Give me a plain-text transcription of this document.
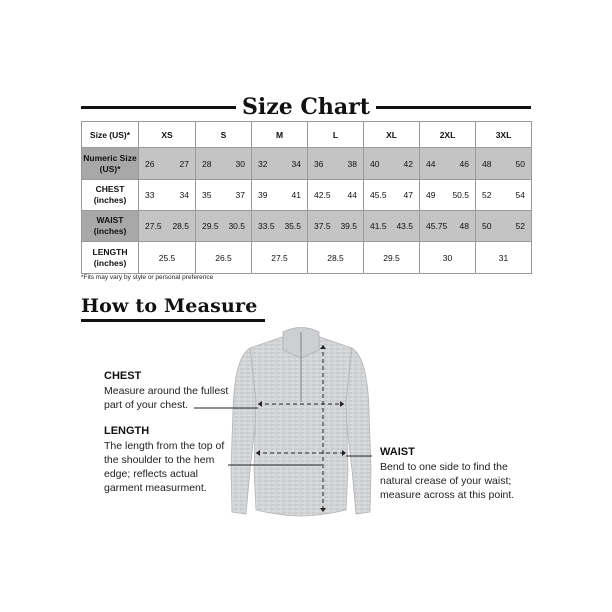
Size Chart
Size (US)*	XS	S	M	L	XL	2XL	3XL
Numeric Size
(US)*	26 27	28 30	32 34	36 38	40 42	44 46	48 50

CHEST
(inches)	33 34	35 37	39 41	42.5 44	45.5 47	49 50.5	52 54

WAIST
(inches)	27.5 28.5	29.5 30.5	33.5 35.5	37.5 39.5	41.5 43.5	45.75 48	50 52

LENGTH
(inches)	25.5	26.5	27.5	28.5	29.5	30	31
*Fits may vary by style or personal preference
How to Measure
CHEST
Measure around the fullest
part of your chest.
LENGTH
The length from the top of
the shoulder to the hem
edge; reflects actual
garment measurment.
WAIST
Bend to one side to find the
natural crease of your waist;
measure across at this point.
